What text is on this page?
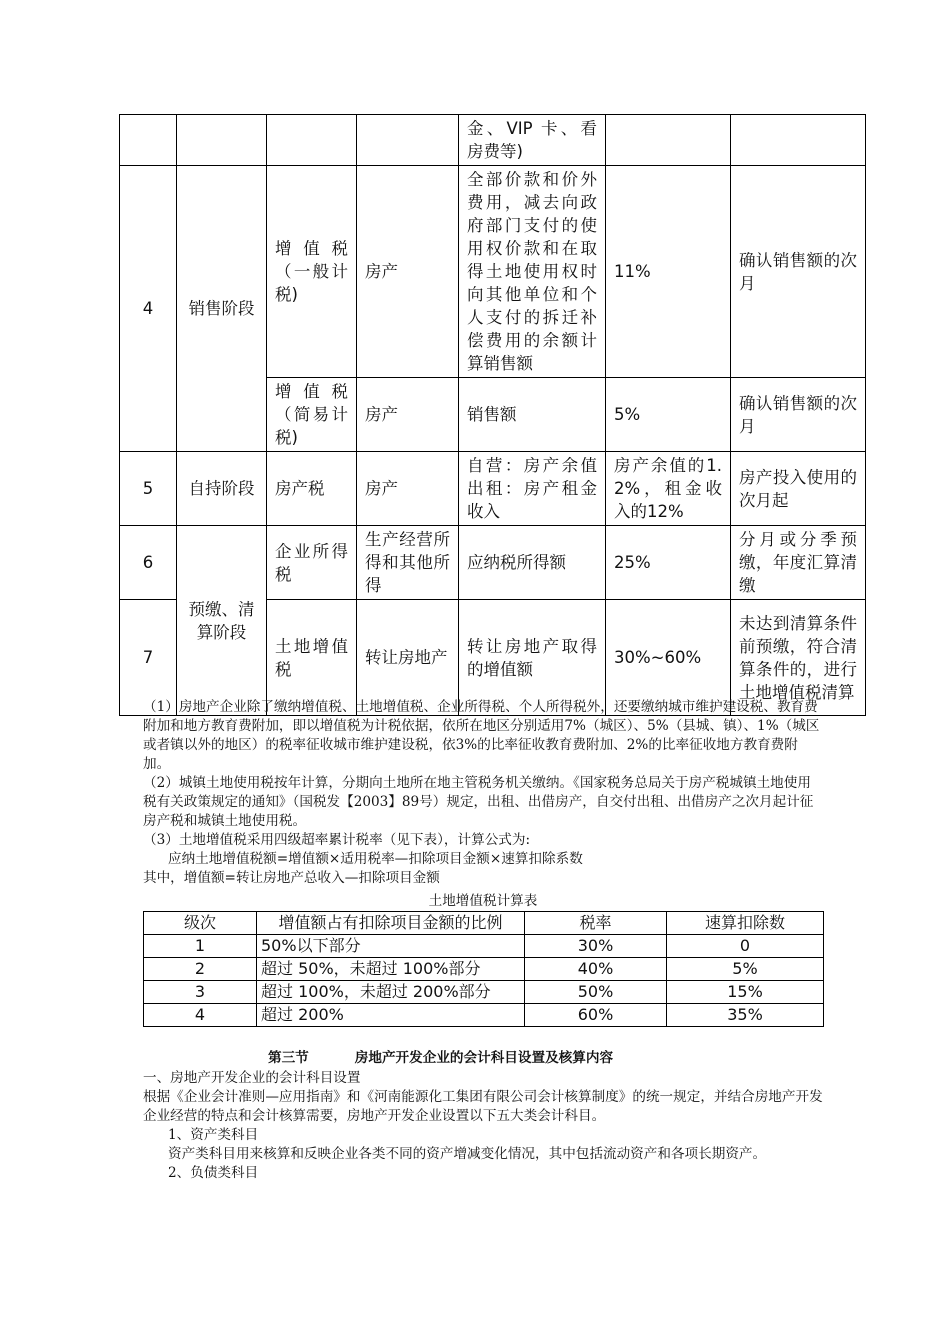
				金、VIP 卡、看房费等)		
4	销售阶段	增值税（一般计税)	房产	全部价款和价外费用，减去向政府部门支付的使用权价款和在取得土地使用权时向其他单位和个人支付的拆迁补偿费用的余额计算销售额	11%	确认销售额的次月
		增值税（简易计税)	房产	销售额	5%	确认销售额的次月
5	自持阶段	房产税	房产	自营：房产余值出租：房产租金收入	房产余值的1.2%，租金收入的12%	房产投入使用的次月起
6	预缴、清算阶段	企业所得税	生产经营所得和其他所得	应纳税所得额	25%	分月或分季预缴，年度汇算清缴
7		土地增值税	转让房地产	转让房地产取得的增值额	30%~60%	未达到清算条件前预缴，符合清算条件的，进行土地增值税清算

（1）房地产企业除了缴纳增值税、土地增值税、企业所得税、个人所得税外，还要缴纳城市维护建设税、教育费附加和地方教育费附加，即以增值税为计税依据，依所在地区分别适用7%（城区）、5%（县城、镇）、1%（城区或者镇以外的地区）的税率征收城市维护建设税，依3%的比率征收教育费附加、2%的比率征收地方教育费附加。

（2）城镇土地使用税按年计算，分期向土地所在地主管税务机关缴纳。《国家税务总局关于房产税城镇土地使用税有关政策规定的通知》（国税发【2003】89号）规定，出租、出借房产，自交付出租、出借房产之次月起计征房产税和城镇土地使用税。

（3）土地增值税采用四级超率累计税率（见下表），计算公式为:

应纳土地增值税额=增值额×适用税率—扣除项目金额×速算扣除系数

其中，增值额=转让房地产总收入—扣除项目金额

土地增值税计算表
级次	增值额占有扣除项目金额的比例	税率	速算扣除数
1	50%以下部分	30%	0
2	超过 50%，未超过 100%部分	40%	5%
3	超过 100%，未超过 200%部分	50%	15%
4	超过 200%	60%	35%

第三节	房地产开发企业的会计科目设置及核算内容

一、房地产开发企业的会计科目设置

根据《企业会计准则—应用指南》和《河南能源化工集团有限公司会计核算制度》的统一规定，并结合房地产开发企业经营的特点和会计核算需要，房地产开发企业设置以下五大类会计科目。

1、资产类科目

资产类科目用来核算和反映企业各类不同的资产增减变化情况，其中包括流动资产和各项长期资产。

2、负债类科目
